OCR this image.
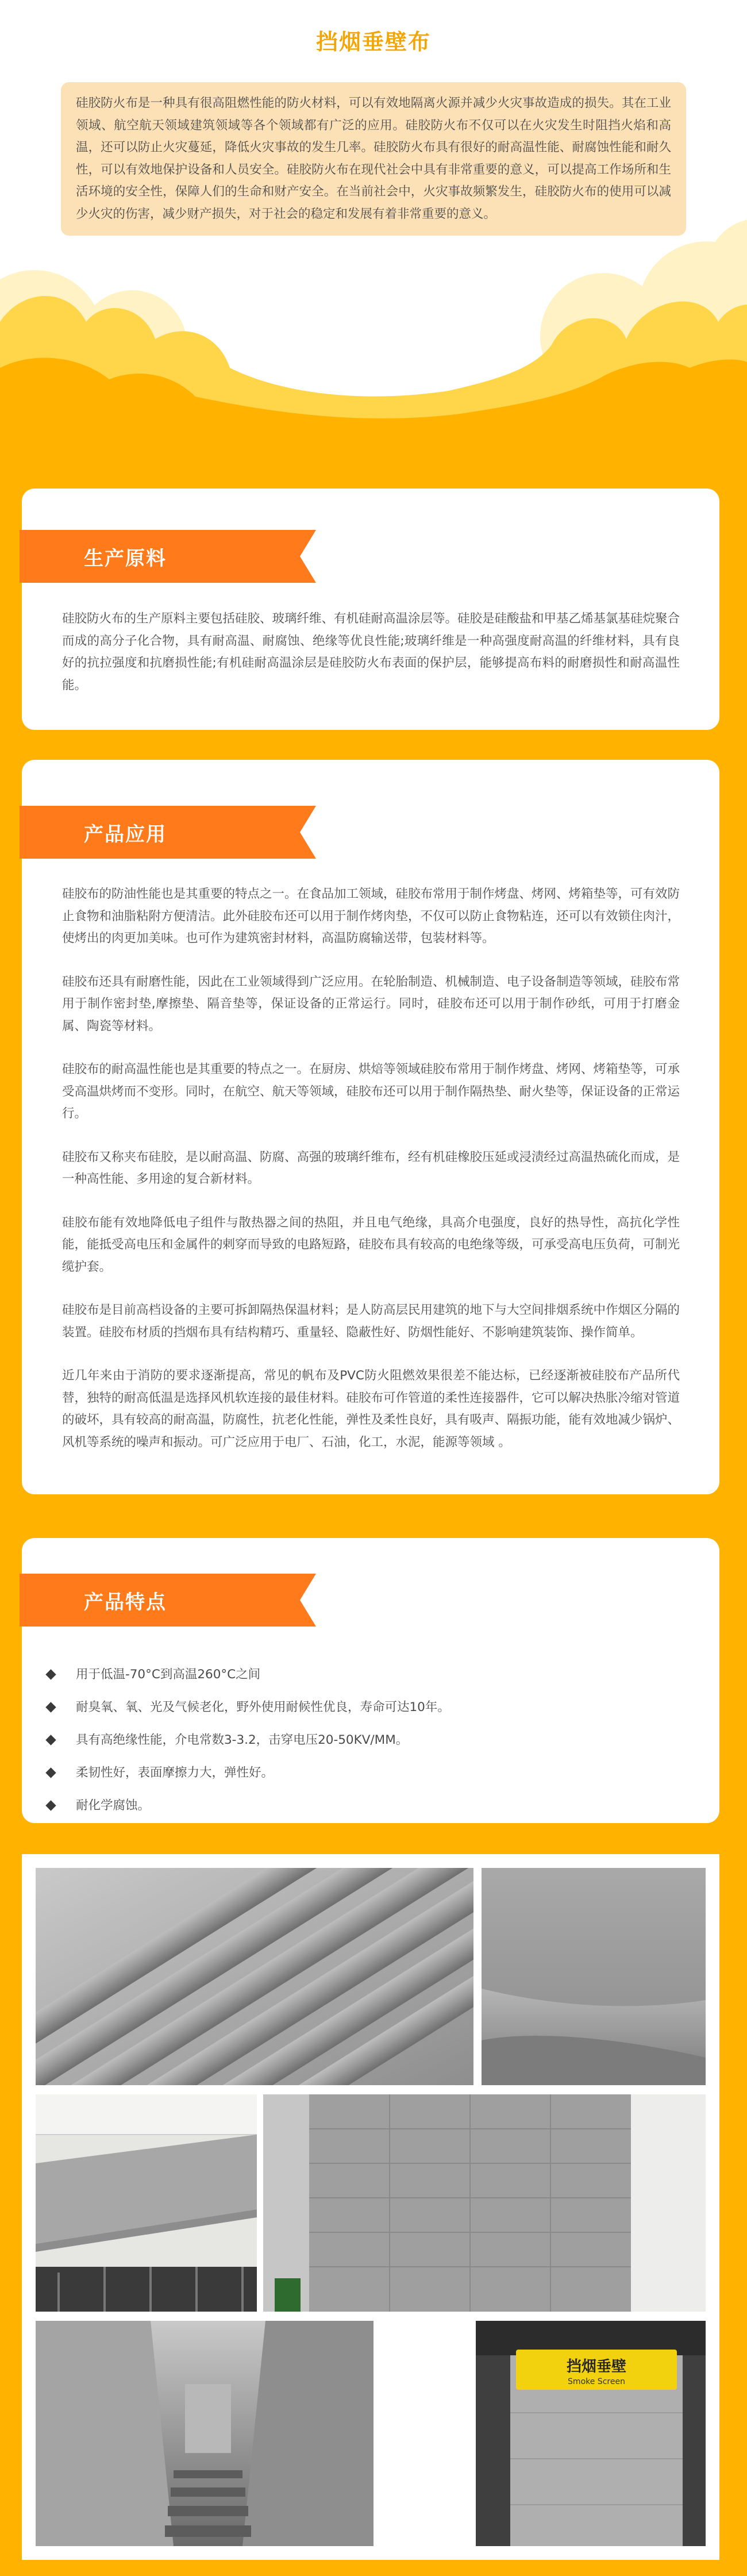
挡烟垂壁布

硅胶防火布是一种具有很高阻燃性能的防火材料，可以有效地隔离火源并减少火灾事故造成的损失。其在工业领域、航空航天领域建筑领域等各个领域都有广泛的应用。硅胶防火布不仅可以在火灾发生时阻挡火焰和高温，还可以防止火灾蔓延，降低火灾事故的发生几率。硅胶防火布具有很好的耐高温性能、耐腐蚀性能和耐久性，可以有效地保护设备和人员安全。硅胶防火布在现代社会中具有非常重要的意义，可以提高工作场所和生活环境的安全性，保障人们的生命和财产安全。在当前社会中，火灾事故频繁发生，硅胶防火布的使用可以减少火灾的伤害，减少财产损失，对于社会的稳定和发展有着非常重要的意义。

生产原料

硅胶防火布的生产原料主要包括硅胶、玻璃纤维、有机硅耐高温涂层等。硅胶是硅酸盐和甲基乙烯基氯基硅烷聚合而成的高分子化合物，具有耐高温、耐腐蚀、绝缘等优良性能;玻璃纤维是一种高强度耐高温的纤维材料，具有良好的抗拉强度和抗磨损性能;有机硅耐高温涂层是硅胶防火布表面的保护层，能够提高布料的耐磨损性和耐高温性能。

产品应用

硅胶布的防油性能也是其重要的特点之一。在食品加工领域，硅胶布常用于制作烤盘、烤网、烤箱垫等，可有效防止食物和油脂粘附方便清洁。此外硅胶布还可以用于制作烤肉垫，不仅可以防止食物粘连，还可以有效锁住肉汁，使烤出的肉更加美味。也可作为建筑密封材料，高温防腐输送带，包装材料等。

硅胶布还具有耐磨性能，因此在工业领域得到广泛应用。在轮胎制造、机械制造、电子设备制造等领域，硅胶布常用于制作密封垫,摩擦垫、隔音垫等，保证设备的正常运行。同时，硅胶布还可以用于制作砂纸，可用于打磨金属、陶瓷等材料。

硅胶布的耐高温性能也是其重要的特点之一。在厨房、烘焙等领域硅胶布常用于制作烤盘、烤网、烤箱垫等，可承受高温烘烤而不变形。同时，在航空、航天等领域，硅胶布还可以用于制作隔热垫、耐火垫等，保证设备的正常运行。

硅胶布又称夹布硅胶，是以耐高温、防腐、高强的玻璃纤维布，经有机硅橡胶压延或浸渍经过高温热硫化而成，是一种高性能、多用途的复合新材料。

硅胶布能有效地降低电子组件与散热器之间的热阻，并且电气绝缘，具高介电强度，良好的热导性，高抗化学性能，能抵受高电压和金属件的剌穿而导致的电路短路，硅胶布具有较高的电绝缘等级，可承受高电压负荷，可制光缆护套。

硅胶布是目前高档设备的主要可拆卸隔热保温材料；是人防高层民用建筑的地下与大空间排烟系统中作烟区分隔的装置。硅胶布材质的挡烟布具有结构精巧、重量轻、隐蔽性好、防烟性能好、不影响建筑装饰、操作简单。

近几年来由于消防的要求逐渐提高，常见的帆布及PVC防火阻燃效果很差不能达标，已经逐渐被硅胶布产品所代替，独特的耐高低温是选择风机软连接的最佳材料。硅胶布可作管道的柔性连接器件，它可以解决热胀冷缩对管道的破坏，具有较高的耐高温，防腐性，抗老化性能，弹性及柔性良好，具有吸声、隔振功能，能有效地减少锅炉、风机等系统的噪声和振动。可广泛应用于电厂、石油，化工，水泥，能源等领域 。

产品特点
用于低温-70°C到高温260°C之间
耐臭氧、氧、光及气候老化，野外使用耐候性优良，寿命可达10年。
具有高绝缘性能，介电常数3-3.2，击穿电压20-50KV/MM。
柔韧性好，表面摩擦力大，弹性好。
耐化学腐蚀。
挡烟垂壁
Smoke Screen
